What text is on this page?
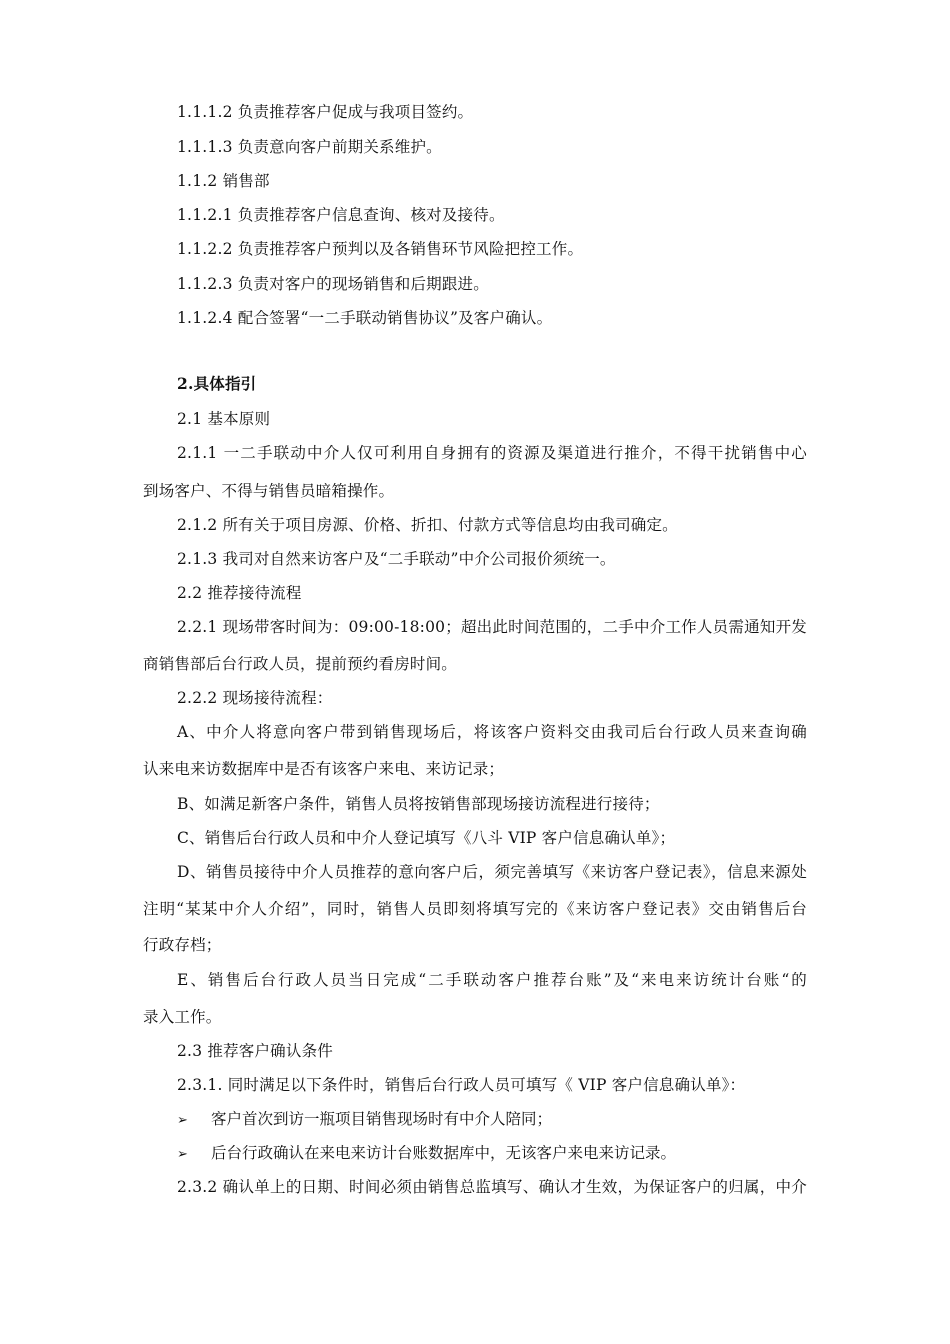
1.1.1.2 负责推荐客户促成与我项目签约。
1.1.1.3 负责意向客户前期关系维护。
1.1.2 销售部
1.1.2.1 负责推荐客户信息查询、核对及接待。
1.1.2.2 负责推荐客户预判以及各销售环节风险把控工作。
1.1.2.3 负责对客户的现场销售和后期跟进。
1.1.2.4 配合签署“一二手联动销售协议”及客户确认。
2.具体指引
2.1 基本原则
2.1.1 一二手联动中介人仅可利用自身拥有的资源及渠道进行推介，不得干扰销售中心
到场客户、不得与销售员暗箱操作。
2.1.2 所有关于项目房源、价格、折扣、付款方式等信息均由我司确定。
2.1.3 我司对自然来访客户及“二手联动”中介公司报价须统一。
2.2 推荐接待流程
2.2.1 现场带客时间为：09:00-18:00；超出此时间范围的，二手中介工作人员需通知开发
商销售部后台行政人员，提前预约看房时间。
2.2.2 现场接待流程：
A、中介人将意向客户带到销售现场后，将该客户资料交由我司后台行政人员来查询确
认来电来访数据库中是否有该客户来电、来访记录；
B、如满足新客户条件，销售人员将按销售部现场接访流程进行接待；
C、销售后台行政人员和中介人登记填写《八斗 VIP 客户信息确认单》；
D、销售员接待中介人员推荐的意向客户后，须完善填写《来访客户登记表》，信息来源处
注明“某某中介人介绍”，同时，销售人员即刻将填写完的《来访客户登记表》交由销售后台
行政存档；
E、销售后台行政人员当日完成“二手联动客户推荐台账”及“来电来访统计台账“的
录入工作。
2.3 推荐客户确认条件
2.3.1. 同时满足以下条件时，销售后台行政人员可填写《 VIP 客户信息确认单》：
➢ 客户首次到访一瓶项目销售现场时有中介人陪同；
➢ 后台行政确认在来电来访计台账数据库中，无该客户来电来访记录。
2.3.2 确认单上的日期、时间必须由销售总监填写、确认才生效，为保证客户的归属，中介
